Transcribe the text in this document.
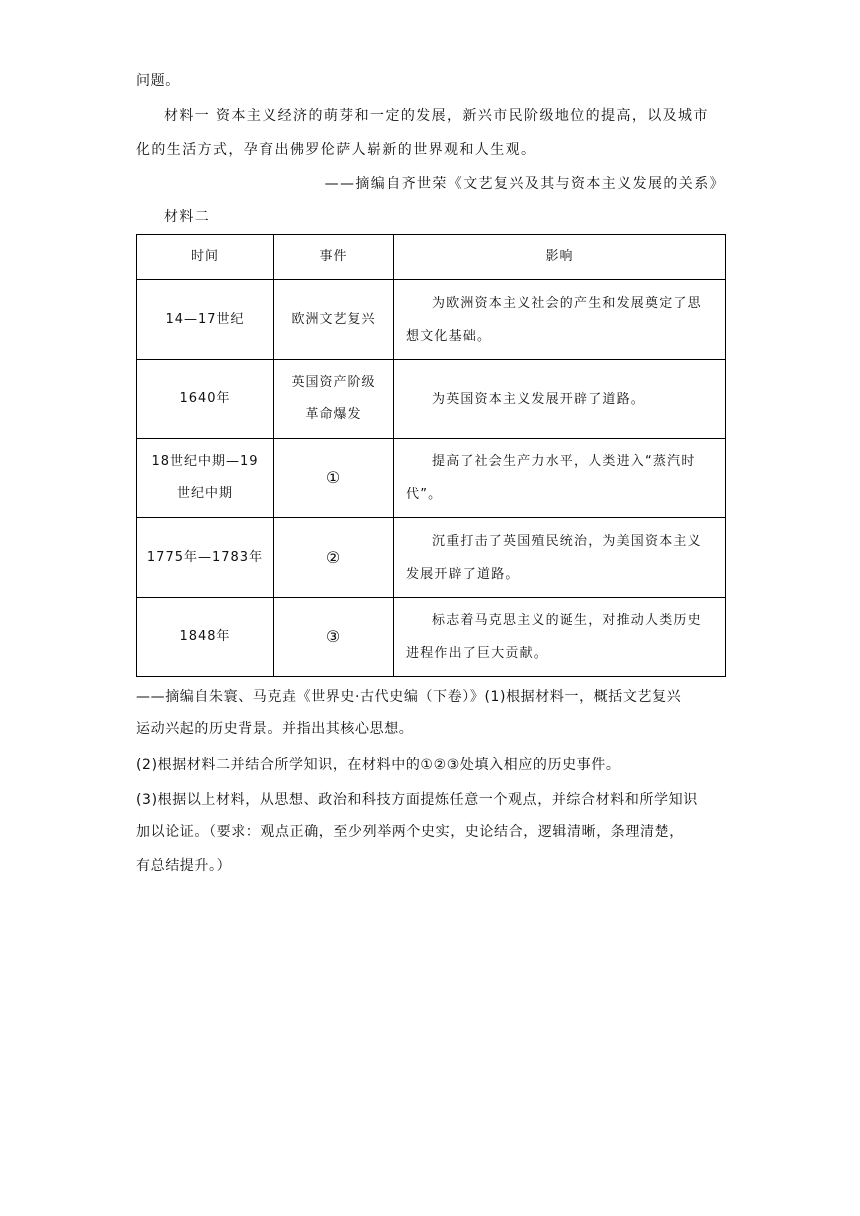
问题。
材料一 资本主义经济的萌芽和一定的发展，新兴市民阶级地位的提高，以及城市
化的生活方式，孕育出佛罗伦萨人崭新的世界观和人生观。
——摘编自齐世荣《文艺复兴及其与资本主义发展的关系》
材料二
时间	事件	影响
14—17世纪	欧洲文艺复兴	为欧洲资本主义社会的产生和发展奠定了思想文化基础。
1640年	英国资产阶级革命爆发	为英国资本主义发展开辟了道路。
18世纪中期—19世纪中期	①	提高了社会生产力水平，人类进入“蒸汽时代”。
1775年—1783年	②	沉重打击了英国殖民统治，为美国资本主义发展开辟了道路。
1848年	③	标志着马克思主义的诞生，对推动人类历史进程作出了巨大贡献。
——摘编自朱寰、马克垚《世界史·古代史编（下卷）》(1)根据材料一，概括文艺复兴
运动兴起的历史背景。并指出其核心思想。
(2)根据材料二并结合所学知识，在材料中的①②③处填入相应的历史事件。
(3)根据以上材料，从思想、政治和科技方面提炼任意一个观点，并综合材料和所学知识
加以论证。（要求：观点正确，至少列举两个史实，史论结合，逻辑清晰，条理清楚，
有总结提升。）
